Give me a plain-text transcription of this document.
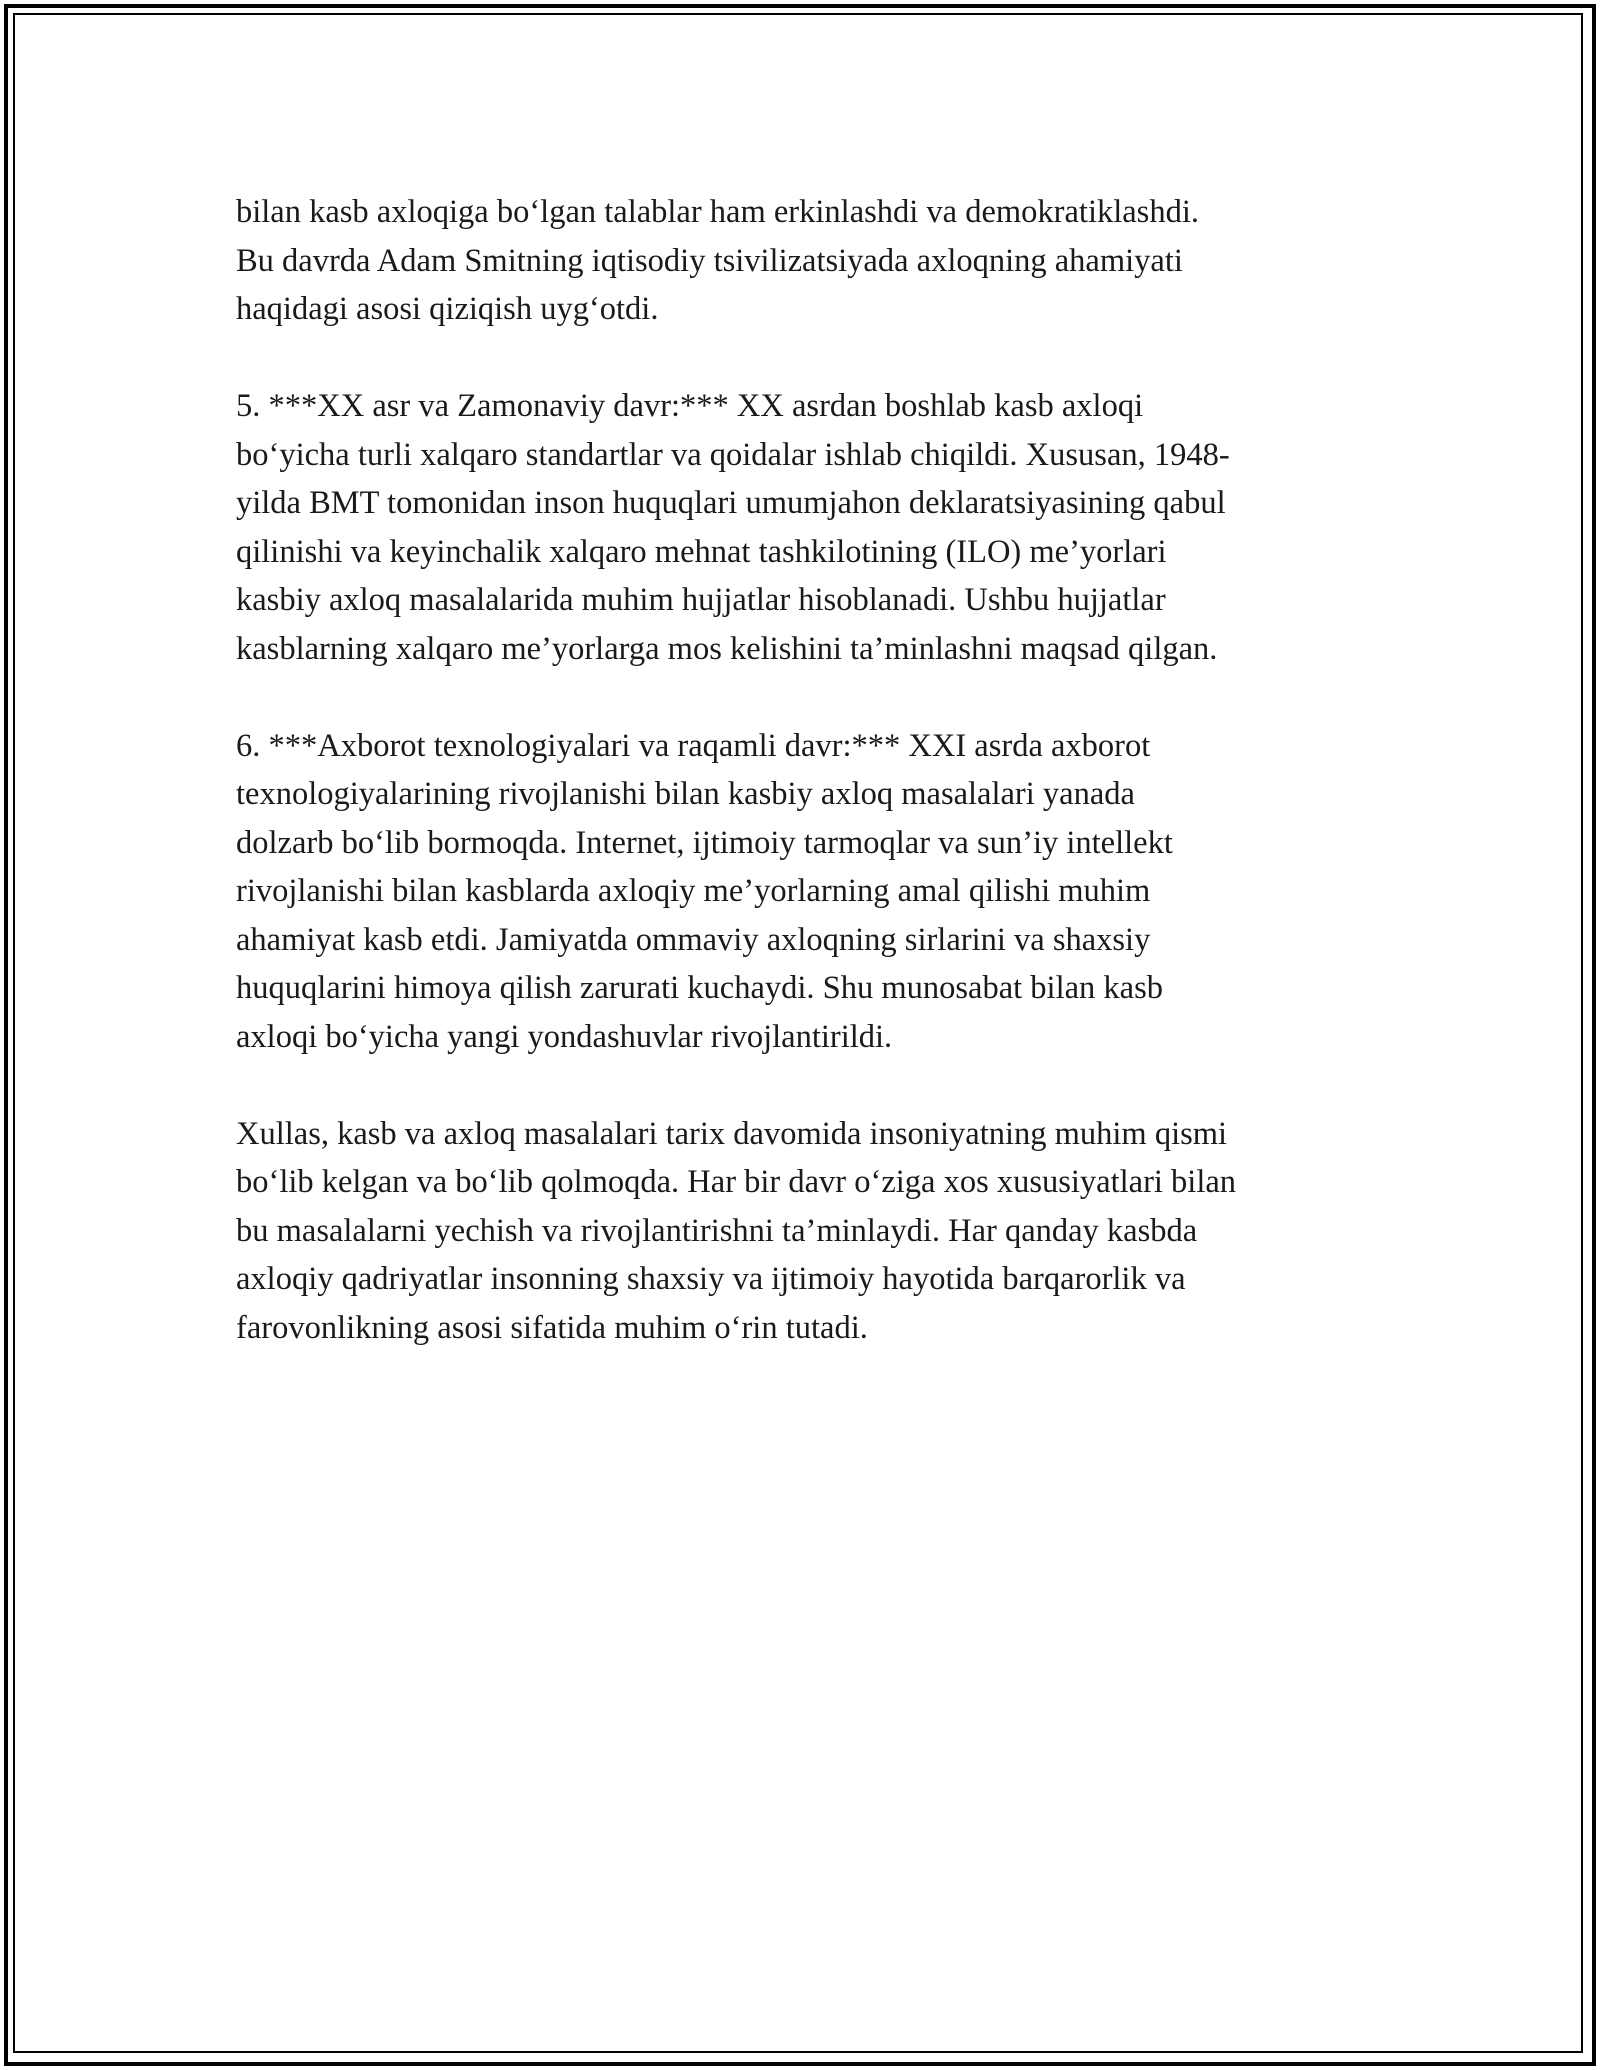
bilan kasb axloqiga bo‘lgan talablar ham erkinlashdi va demokratiklashdi.
Bu davrda Adam Smitning iqtisodiy tsivilizatsiyada axloqning ahamiyati
haqidagi asosi qiziqish uyg‘otdi.

5. ***XX asr va Zamonaviy davr:*** XX asrdan boshlab kasb axloqi
bo‘yicha turli xalqaro standartlar va qoidalar ishlab chiqildi. Xususan, 1948-
yilda BMT tomonidan inson huquqlari umumjahon deklaratsiyasining qabul
qilinishi va keyinchalik xalqaro mehnat tashkilotining (ILO) me’yorlari
kasbiy axloq masalalarida muhim hujjatlar hisoblanadi. Ushbu hujjatlar
kasblarning xalqaro me’yorlarga mos kelishini ta’minlashni maqsad qilgan.

6. ***Axborot texnologiyalari va raqamli davr:*** XXI asrda axborot
texnologiyalarining rivojlanishi bilan kasbiy axloq masalalari yanada
dolzarb bo‘lib bormoqda. Internet, ijtimoiy tarmoqlar va sun’iy intellekt
rivojlanishi bilan kasblarda axloqiy me’yorlarning amal qilishi muhim
ahamiyat kasb etdi. Jamiyatda ommaviy axloqning sirlarini va shaxsiy
huquqlarini himoya qilish zarurati kuchaydi. Shu munosabat bilan kasb
axloqi bo‘yicha yangi yondashuvlar rivojlantirildi.

Xullas, kasb va axloq masalalari tarix davomida insoniyatning muhim qismi
bo‘lib kelgan va bo‘lib qolmoqda. Har bir davr o‘ziga xos xususiyatlari bilan
bu masalalarni yechish va rivojlantirishni ta’minlaydi. Har qanday kasbda
axloqiy qadriyatlar insonning shaxsiy va ijtimoiy hayotida barqarorlik va
farovonlikning asosi sifatida muhim o‘rin tutadi.
